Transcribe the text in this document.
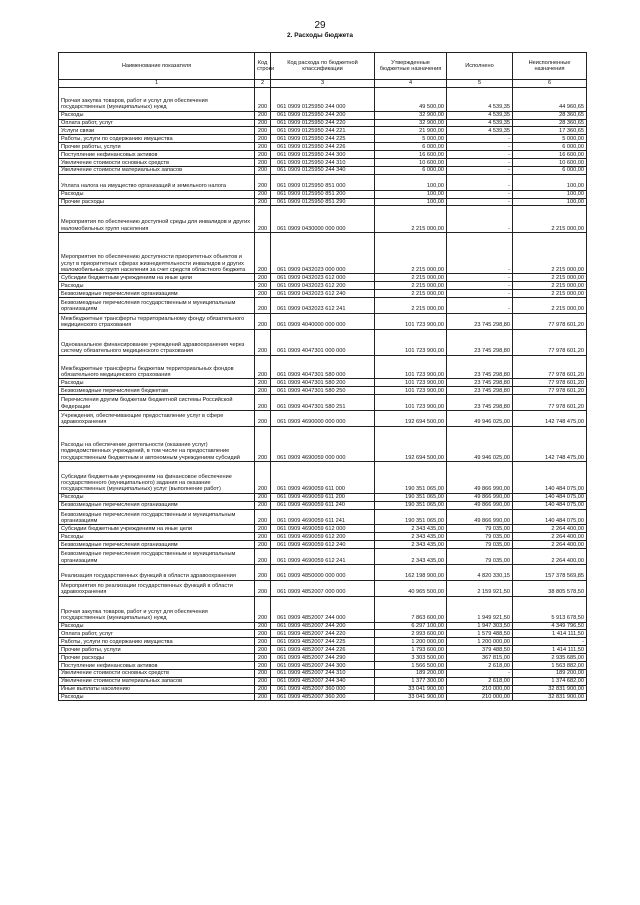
29
2. Расходы бюджета
Наименование показателя	Код строки	Код расхода по бюджетной классификации	Утвержденные бюджетные назначения	Исполнено	Неисполненные назначения
1	2	3	4	5	6
Прочая закупка товаров, работ и услуг для обеспечения государственных (муниципальных) нужд	200	061 0909 0125950 244 000	49 500,00	4 539,35	44 960,65
Расходы	200	061 0909 0125950 244 200	32 900,00	4 539,35	28 360,65
Оплата работ, услуг	200	061 0909 0125950 244 220	32 900,00	4 539,35	28 360,65
Услуги связи	200	061 0909 0125950 244 221	21 900,00	4 539,35	17 360,65
Работы, услуги по содержанию имущества	200	061 0909 0125950 244 225	5 000,00	-	5 000,00
Прочие работы, услуги	200	061 0909 0125950 244 226	6 000,00	-	6 000,00
Поступление нефинансовых активов	200	061 0909 0125950 244 300	16 600,00	-	16 600,00
Увеличение стоимости основных средств	200	061 0909 0125950 244 310	10 600,00	-	10 600,00
Увеличение стоимости материальных запасов	200	061 0909 0125950 244 340	6 000,00	-	6 000,00
Уплата налога на имущество организаций и земельного налога	200	061 0909 0125950 851 000	100,00	-	100,00
Расходы	200	061 0909 0125950 851 200	100,00	-	100,00
Прочие расходы	200	061 0909 0125950 851 290	100,00	-	100,00
Мероприятия по обеспечению доступной среды для инвалидов и других маломобильных групп населения	200	061 0909 0430000 000 000	2 215 000,00	-	2 215 000,00
Мероприятия по обеспечению доступности приоритетных объектов и услуг в приоритетных сферах жизнедеятельности инвалидов и других маломобильных групп населения за счет средств областного бюджета	200	061 0909 0432023 000 000	2 215 000,00	-	2 215 000,00
Субсидии бюджетным учреждениям на иные цели	200	061 0909 0432023 612 000	2 215 000,00	-	2 215 000,00
Расходы	200	061 0909 0432023 612 200	2 215 000,00	-	2 215 000,00
Безвозмездные перечисления организациям	200	061 0909 0432023 612 240	2 215 000,00	-	2 215 000,00
Безвозмездные перечисления государственным и муниципальным организациям	200	061 0909 0432023 612 241	2 215 000,00	-	2 215 000,00
Межбюджетные трансферты территориальному фонду обязательного медицинского страхования	200	061 0909 4040000 000 000	101 723 900,00	23 745 298,80	77 978 601,20
Одноканальное финансирование учреждений здравоохранения через систему обязательного медицинского страхования	200	061 0909 4047301 000 000	101 723 900,00	23 745 298,80	77 978 601,20
Межбюджетные трансферты бюджетам территориальных фондов обязательного медицинского страхования	200	061 0909 4047301 580 000	101 723 900,00	23 745 298,80	77 978 601,20
Расходы	200	061 0909 4047301 580 200	101 723 900,00	23 745 298,80	77 978 601,20
Безвозмездные перечисления бюджетам	200	061 0909 4047301 580 250	101 723 900,00	23 745 298,80	77 978 601,20
Перечисления другим бюджетам бюджетной системы Российской Федерации	200	061 0909 4047301 580 251	101 723 900,00	23 745 298,80	77 978 601,20
Учреждения, обеспечивающие предоставление услуг в сфере здравоохранения	200	061 0909 4690000 000 000	192 694 500,00	49 946 025,00	142 748 475,00
Расходы на обеспечение деятельности (оказание услуг) подведомственных учреждений, в том числе на предоставление государственным бюджетным и автономным учреждениям субсидий	200	061 0909 4690059 000 000	192 694 500,00	49 946 025,00	142 748 475,00
Субсидии бюджетным учреждениям на финансовое обеспечение государственного (муниципального) задания на оказание государственных (муниципальных) услуг (выполнение работ)	200	061 0909 4690059 611 000	190 351 065,00	49 866 990,00	140 484 075,00
Расходы	200	061 0909 4690059 611 200	190 351 065,00	49 866 990,00	140 484 075,00
Безвозмездные перечисления организациям	200	061 0909 4690059 611 240	190 351 065,00	49 866 990,00	140 484 075,00
Безвозмездные перечисления государственным и муниципальным организациям	200	061 0909 4690059 611 241	190 351 065,00	49 866 990,00	140 484 075,00
Субсидии бюджетным учреждениям на иные цели	200	061 0909 4690059 612 000	2 343 435,00	79 035,00	2 264 400,00
Расходы	200	061 0909 4690059 612 200	2 343 435,00	79 035,00	2 264 400,00
Безвозмездные перечисления организациям	200	061 0909 4690059 612 240	2 343 435,00	79 035,00	2 264 400,00
Безвозмездные перечисления государственным и муниципальным организациям	200	061 0909 4690059 612 241	2 343 435,00	79 035,00	2 264 400,00
Реализация государственных функций в области здравоохранения	200	061 0909 4850000 000 000	162 198 900,00	4 820 330,15	157 378 569,85
Мероприятия по реализации государственных функций в области здравоохранения	200	061 0909 4852007 000 000	40 965 500,00	2 159 921,50	38 805 578,50
Прочая закупка товаров, работ и услуг для обеспечения государственных (муниципальных) нужд	200	061 0909 4852007 244 000	7 863 600,00	1 949 921,50	5 913 678,50
Расходы	200	061 0909 4852007 244 200	6 297 100,00	1 947 303,50	4 349 796,50
Оплата работ, услуг	200	061 0909 4852007 244 220	2 993 600,00	1 579 488,50	1 414 111,50
Работы, услуги по содержанию имущества	200	061 0909 4852007 244 225	1 200 000,00	1 200 000,00	-
Прочие работы, услуги	200	061 0909 4852007 244 226	1 793 600,00	379 488,50	1 414 111,50
Прочие расходы	200	061 0909 4852007 244 290	3 303 500,00	367 815,00	2 935 685,00
Поступление нефинансовых активов	200	061 0909 4852007 244 300	1 566 500,00	2 618,00	1 563 882,00
Увеличение стоимости основных средств	200	061 0909 4852007 244 310	189 200,00	-	189 200,00
Увеличение стоимости материальных запасов	200	061 0909 4852007 244 340	1 377 300,00	2 618,00	1 374 682,00
Иные выплаты населению	200	061 0909 4852007 360 000	33 041 900,00	210 000,00	32 831 900,00
Расходы	200	061 0909 4852007 360 200	33 041 900,00	210 000,00	32 831 900,00
